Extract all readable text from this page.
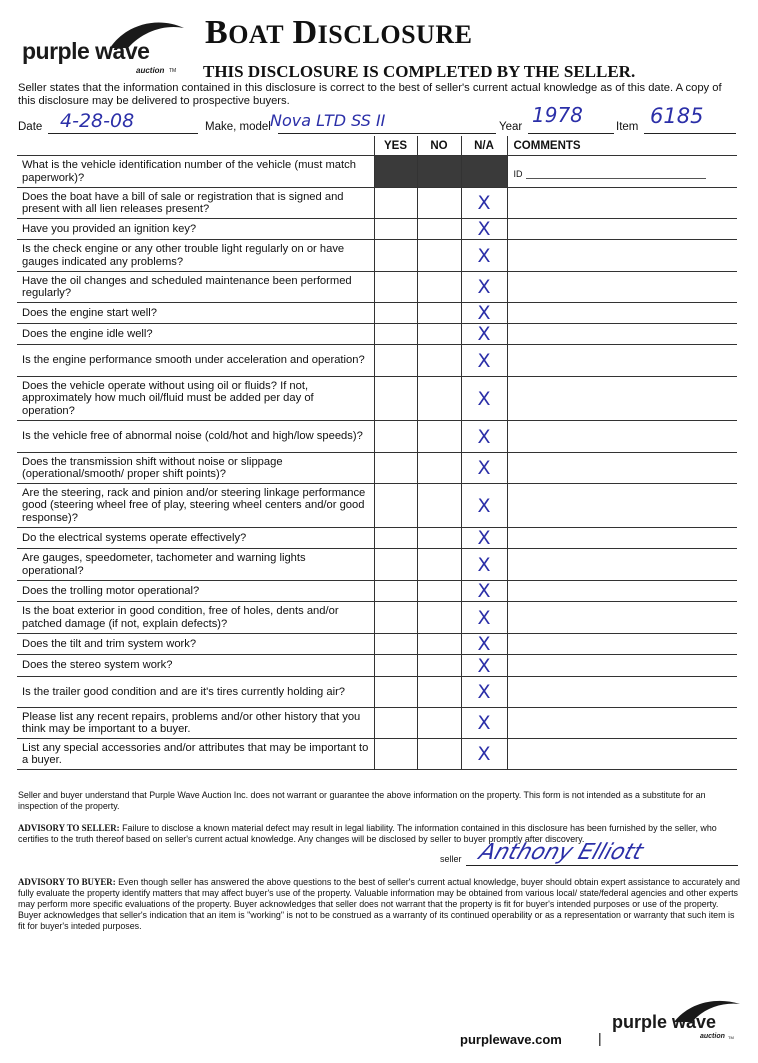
purple wave
auction TM
BOAT DISCLOSURE
THIS DISCLOSURE IS COMPLETED BY THE SELLER.
Seller states that the information contained in this disclosure is correct to the best of seller's current actual knowledge as of this date. A copy of this disclosure may be delivered to prospective buyers.
Date 4-28-08	Make, model Nova LTD SS II	Year 1978	Item 6185
	YES	NO	N/A	COMMENTS
What is the vehicle identification number of the vehicle (must match paperwork)?				ID

Does the boat have a bill of sale or registration that is signed and present with all lien releases present?			X	
Have you provided an ignition key?			X	
Is the check engine or any other trouble light regularly on or have gauges indicated any problems?			X	
Have the oil changes and scheduled maintenance been performed regularly?			X	
Does the engine start well?			X	
Does the engine idle well?			X	
Is the engine performance smooth under acceleration and operation?			X	
Does the vehicle operate without using oil or fluids? If not, approximately how much oil/fluid must be added per day of operation?			X	
Is the vehicle free of abnormal noise (cold/hot and high/low speeds)?			X	
Does the transmission shift without noise or slippage (operational/smooth/ proper shift points)?			X	
Are the steering, rack and pinion and/or steering linkage performance good (steering wheel free of play, steering wheel centers and/or good response)?			X	
Do the electrical systems operate effectively?			X	
Are gauges, speedometer, tachometer and warning lights operational?			X	
Does the trolling motor operational?			X	
Is the boat exterior in good condition, free of holes, dents and/or patched damage (if not, explain defects)?			X	
Does the tilt and trim system work?			X	
Does the stereo system work?			X	
Is the trailer good condition and are it's tires currently holding air?			X	
Please list any recent repairs, problems and/or other history that you think may be important to a buyer.			X	
List any special accessories and/or attributes that may be important to a buyer.			X	
Seller and buyer understand that Purple Wave Auction Inc. does not warrant or guarantee the above information on the property. This form is not intended as a substitute for an inspection of the property.
ADVISORY TO SELLER: Failure to disclose a known material defect may result in legal liability. The information contained in this disclosure has been furnished by the seller, who certifies to the truth thereof based on seller's current actual knowledge. Any changes will be disclosed by seller to buyer promptly after discovery.
seller Anthony Elliott
ADVISORY TO BUYER: Even though seller has answered the above questions to the best of seller's current actual knowledge, buyer should obtain expert assistance to accurately and fully evaluate the property identify matters that may affect buyer's use of the property. Valuable information may be obtained from various local/ state/federal agencies and other experts may perform more specific evaluations of the property. Buyer acknowledges that seller does not warrant that the property is fit for buyer's intended purposes or use of the property. Buyer acknowledges that seller's indication that an item is "working" is not to be construed as a warranty of its continued operability or as a representation or warranty that such item is fit for buyer's inteded purposes.
purplewave.com	|
purple wave
auction TM
